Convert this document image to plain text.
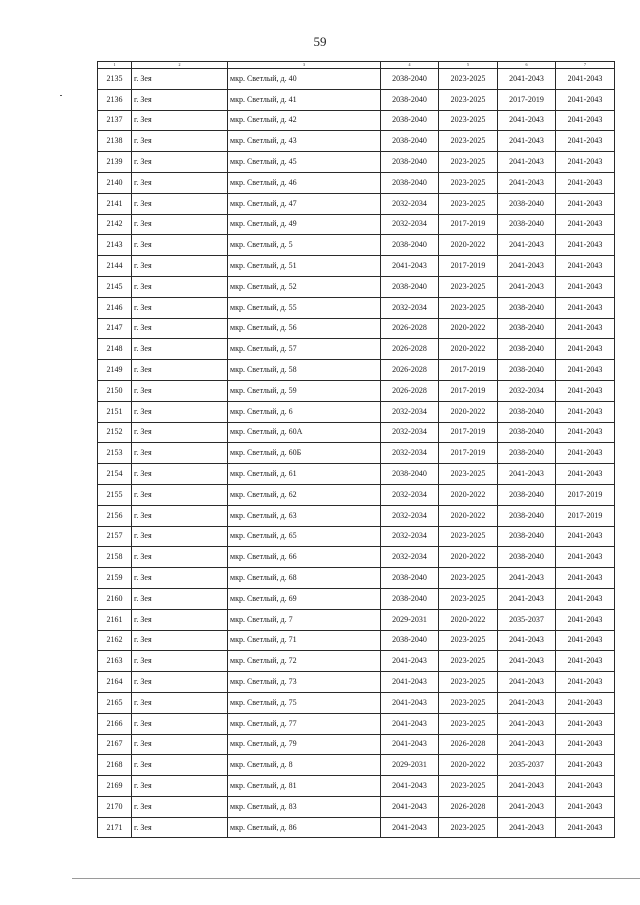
59
1	2	3	4	5	6	7
2135	г. Зея	мкр. Светлый, д. 40	2038-2040	2023-2025	2041-2043	2041-2043
2136	г. Зея	мкр. Светлый, д. 41	2038-2040	2023-2025	2017-2019	2041-2043
2137	г. Зея	мкр. Светлый, д. 42	2038-2040	2023-2025	2041-2043	2041-2043
2138	г. Зея	мкр. Светлый, д. 43	2038-2040	2023-2025	2041-2043	2041-2043
2139	г. Зея	мкр. Светлый, д. 45	2038-2040	2023-2025	2041-2043	2041-2043
2140	г. Зея	мкр. Светлый, д. 46	2038-2040	2023-2025	2041-2043	2041-2043
2141	г. Зея	мкр. Светлый, д. 47	2032-2034	2023-2025	2038-2040	2041-2043
2142	г. Зея	мкр. Светлый, д. 49	2032-2034	2017-2019	2038-2040	2041-2043
2143	г. Зея	мкр. Светлый, д. 5	2038-2040	2020-2022	2041-2043	2041-2043
2144	г. Зея	мкр. Светлый, д. 51	2041-2043	2017-2019	2041-2043	2041-2043
2145	г. Зея	мкр. Светлый, д. 52	2038-2040	2023-2025	2041-2043	2041-2043
2146	г. Зея	мкр. Светлый, д. 55	2032-2034	2023-2025	2038-2040	2041-2043
2147	г. Зея	мкр. Светлый, д. 56	2026-2028	2020-2022	2038-2040	2041-2043
2148	г. Зея	мкр. Светлый, д. 57	2026-2028	2020-2022	2038-2040	2041-2043
2149	г. Зея	мкр. Светлый, д. 58	2026-2028	2017-2019	2038-2040	2041-2043
2150	г. Зея	мкр. Светлый, д. 59	2026-2028	2017-2019	2032-2034	2041-2043
2151	г. Зея	мкр. Светлый, д. 6	2032-2034	2020-2022	2038-2040	2041-2043
2152	г. Зея	мкр. Светлый, д. 60А	2032-2034	2017-2019	2038-2040	2041-2043
2153	г. Зея	мкр. Светлый, д. 60Б	2032-2034	2017-2019	2038-2040	2041-2043
2154	г. Зея	мкр. Светлый, д. 61	2038-2040	2023-2025	2041-2043	2041-2043
2155	г. Зея	мкр. Светлый, д. 62	2032-2034	2020-2022	2038-2040	2017-2019
2156	г. Зея	мкр. Светлый, д. 63	2032-2034	2020-2022	2038-2040	2017-2019
2157	г. Зея	мкр. Светлый, д. 65	2032-2034	2023-2025	2038-2040	2041-2043
2158	г. Зея	мкр. Светлый, д. 66	2032-2034	2020-2022	2038-2040	2041-2043
2159	г. Зея	мкр. Светлый, д. 68	2038-2040	2023-2025	2041-2043	2041-2043
2160	г. Зея	мкр. Светлый, д. 69	2038-2040	2023-2025	2041-2043	2041-2043
2161	г. Зея	мкр. Светлый, д. 7	2029-2031	2020-2022	2035-2037	2041-2043
2162	г. Зея	мкр. Светлый, д. 71	2038-2040	2023-2025	2041-2043	2041-2043
2163	г. Зея	мкр. Светлый, д. 72	2041-2043	2023-2025	2041-2043	2041-2043
2164	г. Зея	мкр. Светлый, д. 73	2041-2043	2023-2025	2041-2043	2041-2043
2165	г. Зея	мкр. Светлый, д. 75	2041-2043	2023-2025	2041-2043	2041-2043
2166	г. Зея	мкр. Светлый, д. 77	2041-2043	2023-2025	2041-2043	2041-2043
2167	г. Зея	мкр. Светлый, д. 79	2041-2043	2026-2028	2041-2043	2041-2043
2168	г. Зея	мкр. Светлый, д. 8	2029-2031	2020-2022	2035-2037	2041-2043
2169	г. Зея	мкр. Светлый, д. 81	2041-2043	2023-2025	2041-2043	2041-2043
2170	г. Зея	мкр. Светлый, д. 83	2041-2043	2026-2028	2041-2043	2041-2043
2171	г. Зея	мкр. Светлый, д. 86	2041-2043	2023-2025	2041-2043	2041-2043
